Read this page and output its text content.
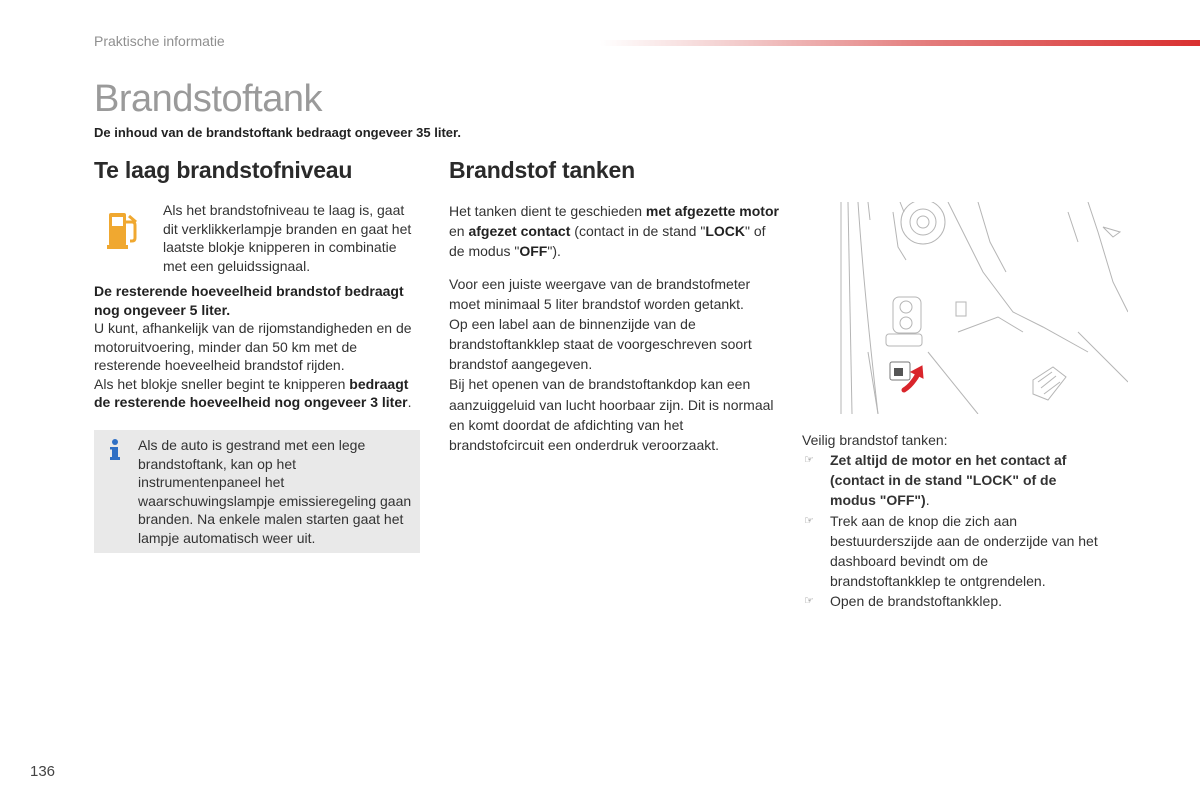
Praktische informatie
Brandstoftank
De inhoud van de brandstoftank bedraagt ongeveer 35 liter.
Te laag brandstofniveau
Als het brandstofniveau te laag is, gaat dit verklikkerlampje branden en gaat het laatste blokje knipperen in combinatie met een geluidssignaal.

De resterende hoeveelheid brandstof bedraagt nog ongeveer 5 liter.

U kunt, afhankelijk van de rijomstandigheden en de motoruitvoering, minder dan 50 km met de resterende hoeveelheid brandstof rijden.

Als het blokje sneller begint te knipperen bedraagt de resterende hoeveelheid nog ongeveer 3 liter.

Als de auto is gestrand met een lege brandstoftank, kan op het instrumentenpaneel het waarschuwingslampje emissieregeling gaan branden. Na enkele malen starten gaat het lampje automatisch weer uit.
Brandstof tanken
Het tanken dient te geschieden met afgezette motor en afgezet contact (contact in de stand "LOCK" of de modus "OFF").

Voor een juiste weergave van de brandstofmeter moet minimaal 5 liter brandstof worden getankt.

Op een label aan de binnenzijde van de brandstoftankklep staat de voorgeschreven soort brandstof aangegeven.

Bij het openen van de brandstoftankdop kan een aanzuiggeluid van lucht hoorbaar zijn. Dit is normaal en komt doordat de afdichting van het brandstofcircuit een onderdruk veroorzaakt.	Veilig brandstof tanken:
☞ Zet altijd de motor en het contact af (contact in de stand "LOCK" of de modus "OFF").
☞ Trek aan de knop die zich aan bestuurderszijde aan de onderzijde van het dashboard bevindt om de brandstoftankklep te ontgrendelen.
☞ Open de brandstoftankklep.
136
